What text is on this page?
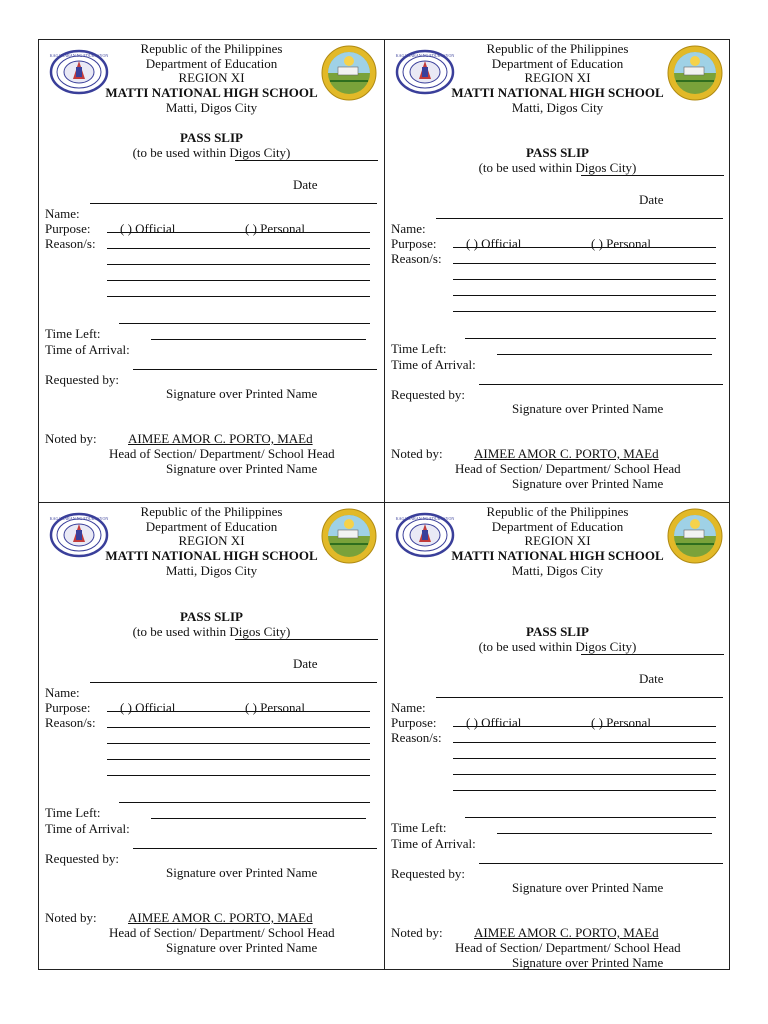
KAGAWARAN NG EDUKASYON	Republic of the Philippines
Department of Education
REGION XI
MATTI NATIONAL HIGH SCHOOL
Matti, Digos City
PASS SLIP
(to be used within Digos City)
Date
Name:
Purpose: ( ) Official	( ) Personal
Reason/s:
Time Left:
Time of Arrival:
Requested by:
Signature over Printed Name
Noted by: AIMEE AMOR C. PORTO, MAEd
Head of Section/ Department/ School Head
Signature over Printed Name
KAGAWARAN NG EDUKASYON	Republic of the Philippines
Department of Education
REGION XI
MATTI NATIONAL HIGH SCHOOL
Matti, Digos City
PASS SLIP
(to be used within Digos City)
Date
Name:
Purpose: ( ) Official	( ) Personal
Reason/s:
Time Left:
Time of Arrival:
Requested by:
Signature over Printed Name
Noted by: AIMEE AMOR C. PORTO, MAEd
Head of Section/ Department/ School Head
Signature over Printed Name
KAGAWARAN NG EDUKASYON	Republic of the Philippines
Department of Education
REGION XI
MATTI NATIONAL HIGH SCHOOL
Matti, Digos City
PASS SLIP
(to be used within Digos City)
Date
Name:
Purpose: ( ) Official	( ) Personal
Reason/s:
Time Left:
Time of Arrival:
Requested by:
Signature over Printed Name
Noted by: AIMEE AMOR C. PORTO, MAEd
Head of Section/ Department/ School Head
Signature over Printed Name
KAGAWARAN NG EDUKASYON	Republic of the Philippines
Department of Education
REGION XI
MATTI NATIONAL HIGH SCHOOL
Matti, Digos City
PASS SLIP
(to be used within Digos City)
Date
Name:
Purpose: ( ) Official	( ) Personal
Reason/s:
Time Left:
Time of Arrival:
Requested by:
Signature over Printed Name
Noted by: AIMEE AMOR C. PORTO, MAEd
Head of Section/ Department/ School Head
Signature over Printed Name
